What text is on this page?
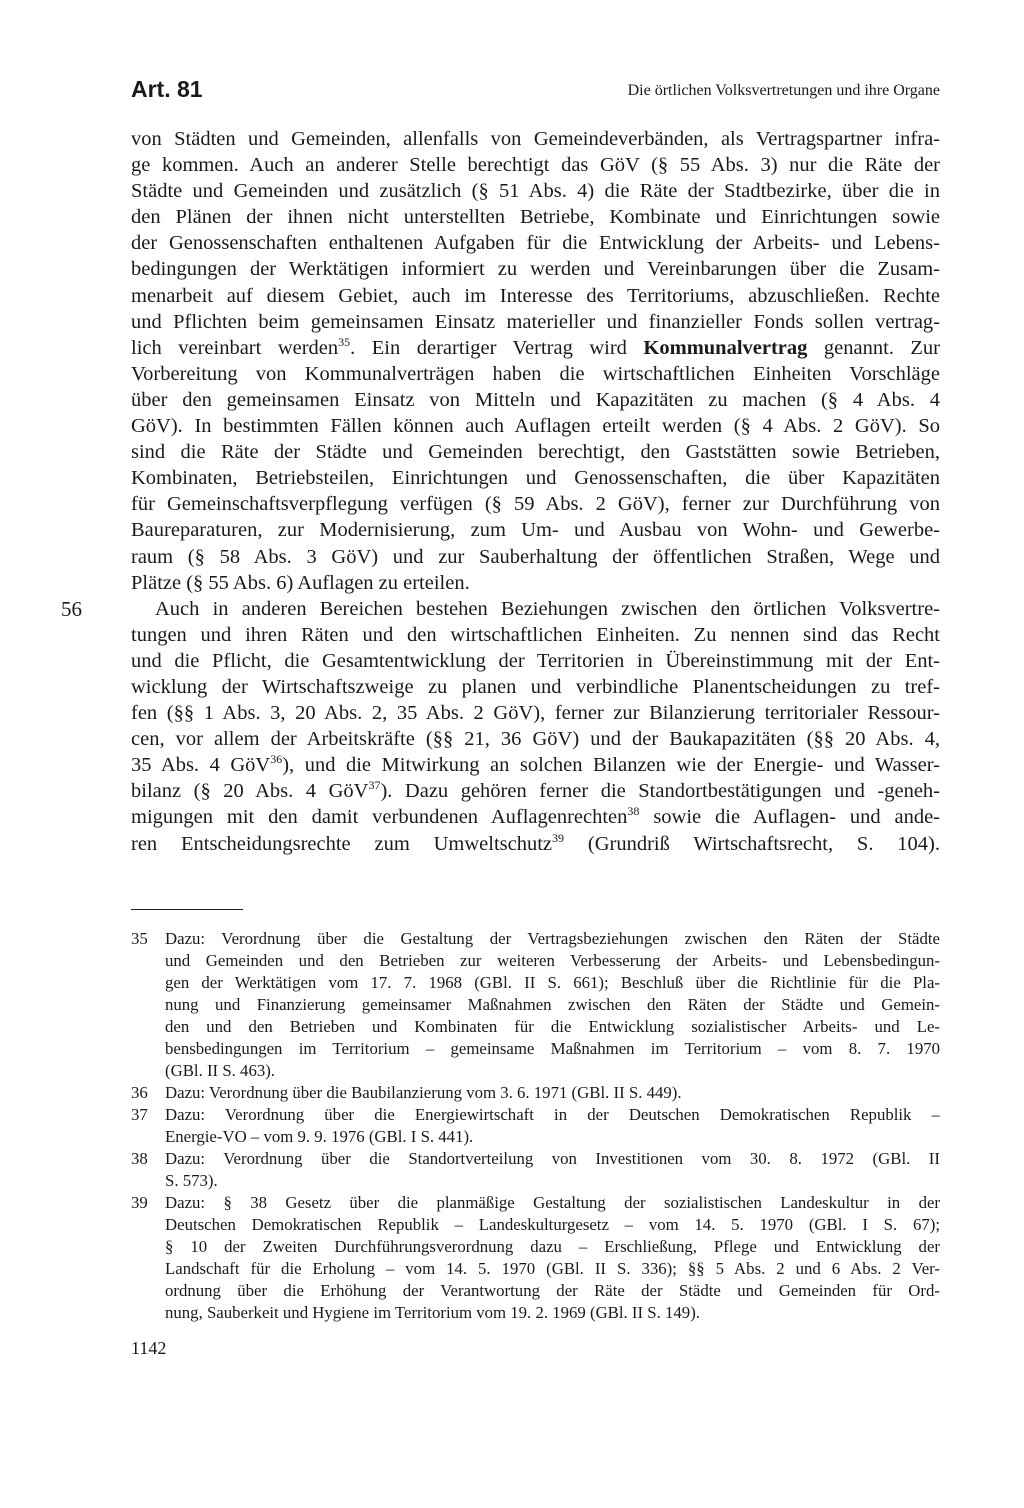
Art. 81	Die örtlichen Volksvertretungen und ihre Organe
von Städten und Gemeinden, allenfalls von Gemeindeverbänden, als Vertragspartner infra-
ge kommen. Auch an anderer Stelle berechtigt das GöV (§ 55 Abs. 3) nur die Räte der
Städte und Gemeinden und zusätzlich (§ 51 Abs. 4) die Räte der Stadtbezirke, über die in
den Plänen der ihnen nicht unterstellten Betriebe, Kombinate und Einrichtungen sowie
der Genossenschaften enthaltenen Aufgaben für die Entwicklung der Arbeits- und Lebens-
bedingungen der Werktätigen informiert zu werden und Vereinbarungen über die Zusam-
menarbeit auf diesem Gebiet, auch im Interesse des Territoriums, abzuschließen. Rechte
und Pflichten beim gemeinsamen Einsatz materieller und finanzieller Fonds sollen vertrag-
lich vereinbart werden$^{35}$. Ein derartiger Vertrag wird Kommunalvertrag genannt. Zur
Vorbereitung von Kommunalverträgen haben die wirtschaftlichen Einheiten Vorschläge
über den gemeinsamen Einsatz von Mitteln und Kapazitäten zu machen (§ 4 Abs. 4
GöV). In bestimmten Fällen können auch Auflagen erteilt werden (§ 4 Abs. 2 GöV). So
sind die Räte der Städte und Gemeinden berechtigt, den Gaststätten sowie Betrieben,
Kombinaten, Betriebsteilen, Einrichtungen und Genossenschaften, die über Kapazitäten
für Gemeinschaftsverpflegung verfügen (§ 59 Abs. 2 GöV), ferner zur Durchführung von
Baureparaturen, zur Modernisierung, zum Um- und Ausbau von Wohn- und Gewerbe-
raum (§ 58 Abs. 3 GöV) und zur Sauberhaltung der öffentlichen Straßen, Wege und
Plätze (§ 55 Abs. 6) Auflagen zu erteilen.
56	Auch in anderen Bereichen bestehen Beziehungen zwischen den örtlichen Volksvertre-
tungen und ihren Räten und den wirtschaftlichen Einheiten. Zu nennen sind das Recht
und die Pflicht, die Gesamtentwicklung der Territorien in Übereinstimmung mit der Ent-
wicklung der Wirtschaftszweige zu planen und verbindliche Planentscheidungen zu tref-
fen (§§ 1 Abs. 3, 20 Abs. 2, 35 Abs. 2 GöV), ferner zur Bilanzierung territorialer Ressour-
cen, vor allem der Arbeitskräfte (§§ 21, 36 GöV) und der Baukapazitäten (§§ 20 Abs. 4,
35 Abs. 4 GöV$^{36}$), und die Mitwirkung an solchen Bilanzen wie der Energie- und Wasser-
bilanz (§ 20 Abs. 4 GöV$^{37}$). Dazu gehören ferner die Standortbestätigungen und -geneh-
migungen mit den damit verbundenen Auflagenrechten$^{38}$ sowie die Auflagen- und ande-
ren Entscheidungsrechte zum Umweltschutz$^{39}$ (Grundriß Wirtschaftsrecht, S. 104).
35 Dazu: Verordnung über die Gestaltung der Vertragsbeziehungen zwischen den Räten der Städte
und Gemeinden und den Betrieben zur weiteren Verbesserung der Arbeits- und Lebensbedingun-
gen der Werktätigen vom 17. 7. 1968 (GBl. II S. 661); Beschluß über die Richtlinie für die Pla-
nung und Finanzierung gemeinsamer Maßnahmen zwischen den Räten der Städte und Gemein-
den und den Betrieben und Kombinaten für die Entwicklung sozialistischer Arbeits- und Le-
bensbedingungen im Territorium – gemeinsame Maßnahmen im Territorium – vom 8. 7. 1970
(GBl. II S. 463).
36 Dazu: Verordnung über die Baubilanzierung vom 3. 6. 1971 (GBl. II S. 449).
37 Dazu: Verordnung über die Energiewirtschaft in der Deutschen Demokratischen Republik –
Energie-VO – vom 9. 9. 1976 (GBl. I S. 441).
38 Dazu: Verordnung über die Standortverteilung von Investitionen vom 30. 8. 1972 (GBl. II
S. 573).
39 Dazu: § 38 Gesetz über die planmäßige Gestaltung der sozialistischen Landeskultur in der
Deutschen Demokratischen Republik – Landeskulturgesetz – vom 14. 5. 1970 (GBl. I S. 67);
§ 10 der Zweiten Durchführungsverordnung dazu – Erschließung, Pflege und Entwicklung der
Landschaft für die Erholung – vom 14. 5. 1970 (GBl. II S. 336); §§ 5 Abs. 2 und 6 Abs. 2 Ver-
ordnung über die Erhöhung der Verantwortung der Räte der Städte und Gemeinden für Ord-
nung, Sauberkeit und Hygiene im Territorium vom 19. 2. 1969 (GBl. II S. 149).
1142
